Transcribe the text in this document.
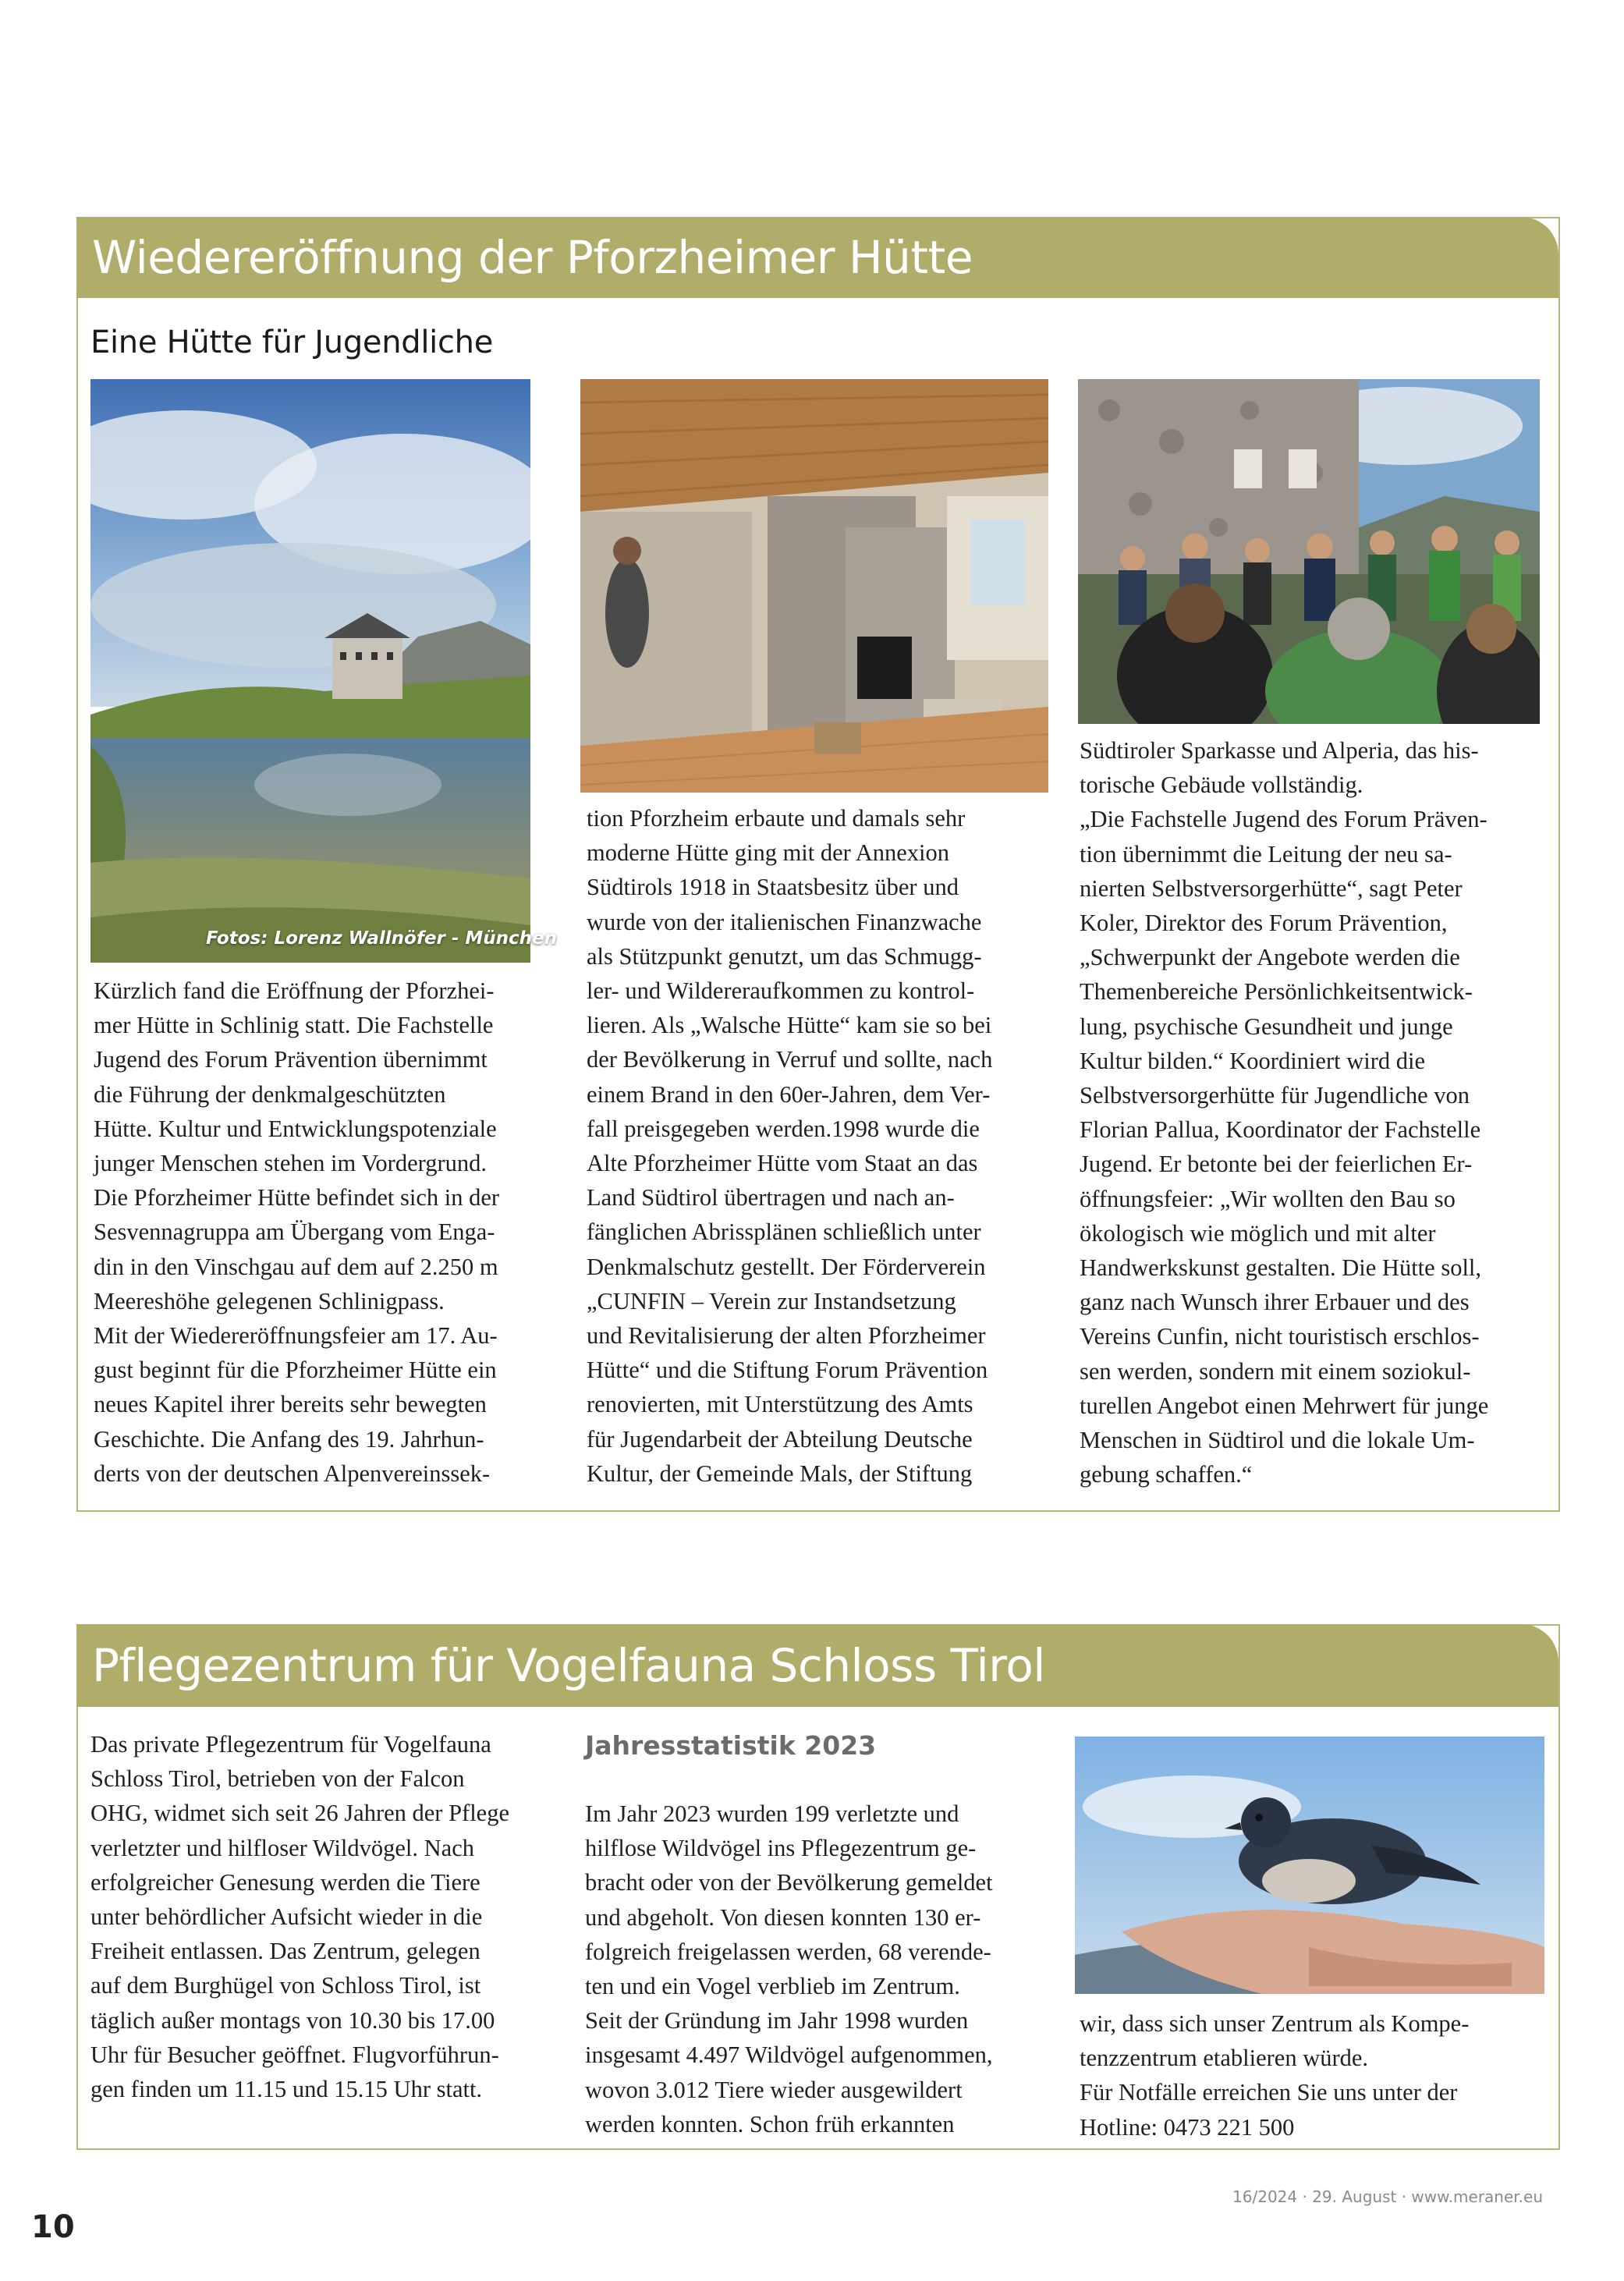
Wiedereröffnung der Pforzheimer Hütte
Eine Hütte für Jugendliche
Fotos: Lorenz Wallnöfer - München

Kürzlich fand die Eröffnung der Pforzhei-

mer Hütte in Schlinig statt. Die Fachstelle

Jugend des Forum Prävention übernimmt

die Führung der denkmalgeschützten

Hütte. Kultur und Entwicklungspotenziale

junger Menschen stehen im Vordergrund.

Die Pforzheimer Hütte befindet sich in der

Sesvennagruppa am Übergang vom Enga-

din in den Vinschgau auf dem auf 2.250 m

Meereshöhe gelegenen Schlinigpass.

Mit der Wiedereröffnungsfeier am 17. Au-

gust beginnt für die Pforzheimer Hütte ein

neues Kapitel ihrer bereits sehr bewegten

Geschichte. Die Anfang des 19. Jahrhun-

derts von der deutschen Alpenvereinssek-

tion Pforzheim erbaute und damals sehr

moderne Hütte ging mit der Annexion

Südtirols 1918 in Staatsbesitz über und

wurde von der italienischen Finanzwache

als Stützpunkt genutzt, um das Schmugg-

ler- und Wildereraufkommen zu kontrol-

lieren. Als „Walsche Hütte“ kam sie so bei

der Bevölkerung in Verruf und sollte, nach

einem Brand in den 60er-Jahren, dem Ver-

fall preisgegeben werden.1998 wurde die

Alte Pforzheimer Hütte vom Staat an das

Land Südtirol übertragen und nach an-

fänglichen Abrissplänen schließlich unter

Denkmalschutz gestellt. Der Förderverein

„CUNFIN – Verein zur Instandsetzung

und Revitalisierung der alten Pforzheimer

Hütte“ und die Stiftung Forum Prävention

renovierten, mit Unterstützung des Amts

für Jugendarbeit der Abteilung Deutsche

Kultur, der Gemeinde Mals, der Stiftung

Südtiroler Sparkasse und Alperia, das his-

torische Gebäude vollständig.

„Die Fachstelle Jugend des Forum Präven-

tion übernimmt die Leitung der neu sa-

nierten Selbstversorgerhütte“, sagt Peter

Koler, Direktor des Forum Prävention,

„Schwerpunkt der Angebote werden die

Themenbereiche Persönlichkeitsentwick-

lung, psychische Gesundheit und junge

Kultur bilden.“ Koordiniert wird die

Selbstversorgerhütte für Jugendliche von

Florian Pallua, Koordinator der Fachstelle

Jugend. Er betonte bei der feierlichen Er-

öffnungsfeier: „Wir wollten den Bau so

ökologisch wie möglich und mit alter

Handwerkskunst gestalten. Die Hütte soll,

ganz nach Wunsch ihrer Erbauer und des

Vereins Cunfin, nicht touristisch erschlos-

sen werden, sondern mit einem soziokul-

turellen Angebot einen Mehrwert für junge

Menschen in Südtirol und die lokale Um-

gebung schaffen.“

Pflegezentrum für Vogelfauna Schloss Tirol

Das private Pflegezentrum für Vogelfauna

Schloss Tirol, betrieben von der Falcon

OHG, widmet sich seit 26 Jahren der Pflege

verletzter und hilfloser Wildvögel. Nach

erfolgreicher Genesung werden die Tiere

unter behördlicher Aufsicht wieder in die

Freiheit entlassen. Das Zentrum, gelegen

auf dem Burghügel von Schloss Tirol, ist

täglich außer montags von 10.30 bis 17.00

Uhr für Besucher geöffnet. Flugvorführun-

gen finden um 11.15 und 15.15 Uhr statt.

Jahresstatistik 2023

Im Jahr 2023 wurden 199 verletzte und

hilflose Wildvögel ins Pflegezentrum ge-

bracht oder von der Bevölkerung gemeldet

und abgeholt. Von diesen konnten 130 er-

folgreich freigelassen werden, 68 verende-

ten und ein Vogel verblieb im Zentrum.

Seit der Gründung im Jahr 1998 wurden

insgesamt 4.497 Wildvögel aufgenommen,

wovon 3.012 Tiere wieder ausgewildert

werden konnten. Schon früh erkannten

wir, dass sich unser Zentrum als Kompe-

tenzzentrum etablieren würde.

Für Notfälle erreichen Sie uns unter der

Hotline: 0473 221 500

10
16/2024 · 29. August · www.meraner.eu
